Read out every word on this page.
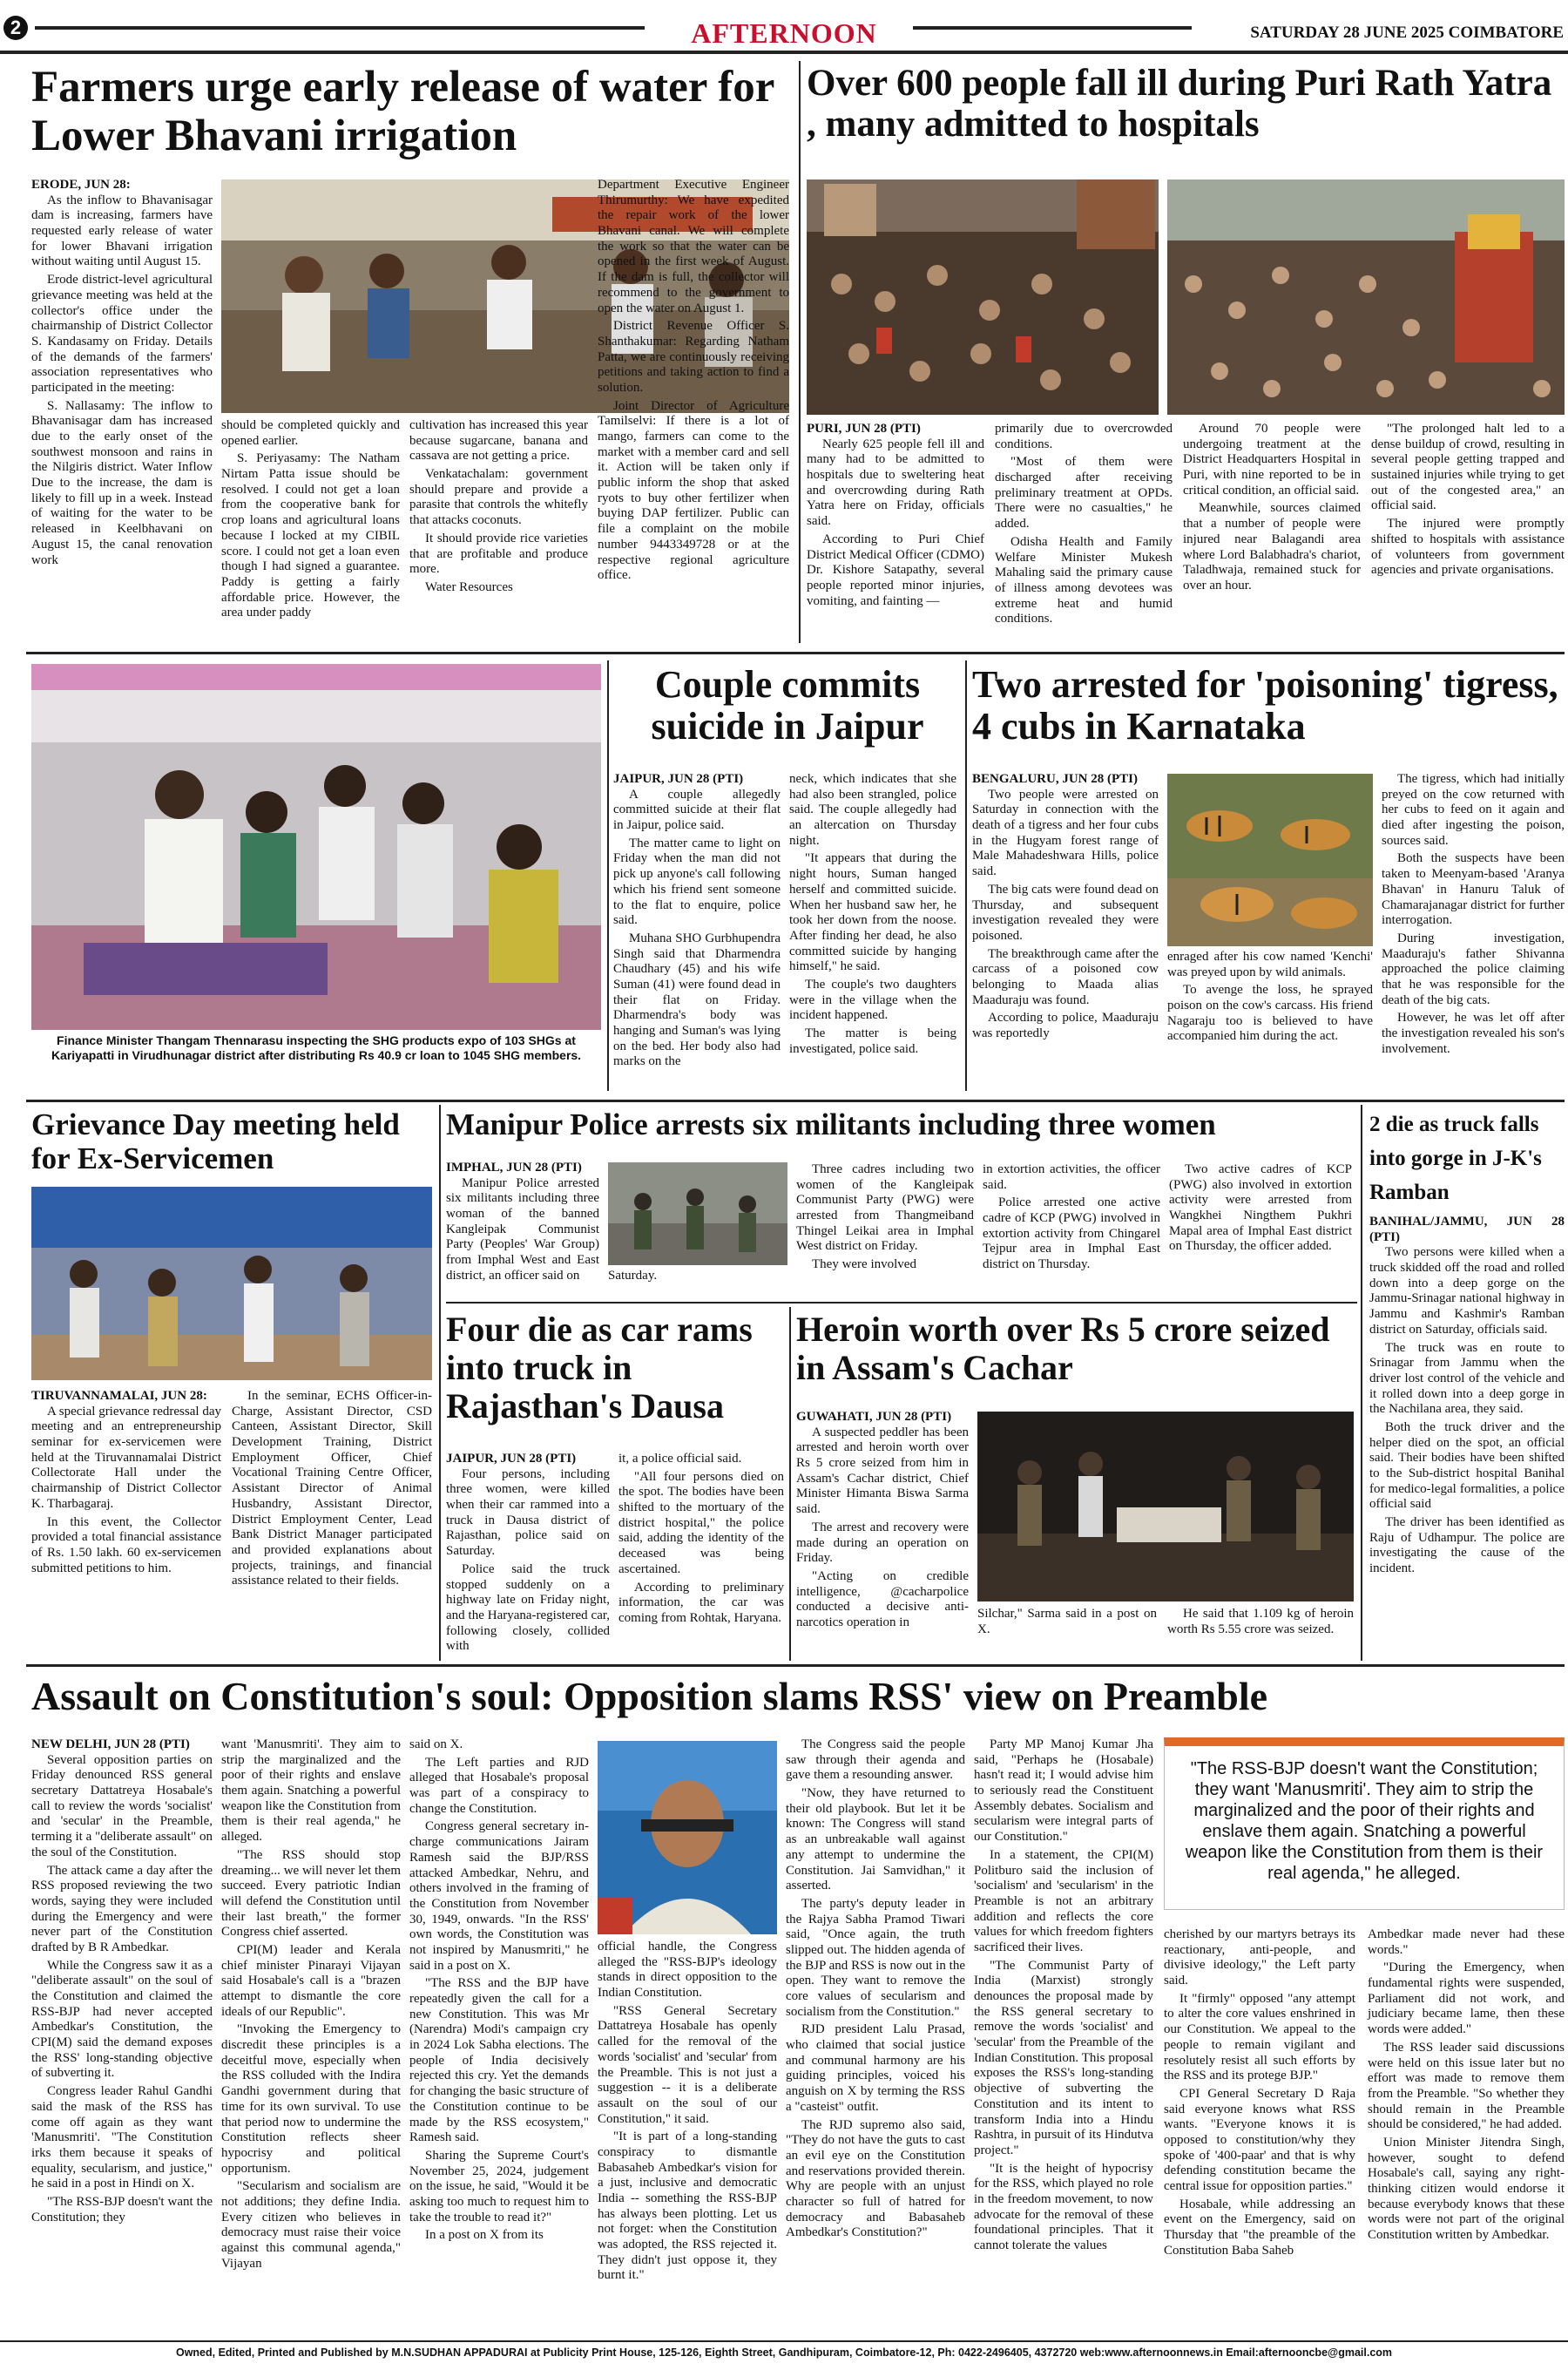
2	AFTERNOON	SATURDAY 28 JUNE 2025 COIMBATORE
Farmers urge early release of water for Lower Bhavani irrigation
ERODE, JUN 28:

As the inflow to Bhavanisagar dam is increasing, farmers have requested early release of water for lower Bhavani irrigation without waiting until August 15.

Erode district-level agricultural grievance meeting was held at the collector's office under the chairmanship of District Collector S. Kandasamy on Friday. Details of the demands of the farmers' association representatives who participated in the meeting:

S. Nallasamy: The inflow to Bhavanisagar dam has increased due to the early onset of the southwest monsoon and rains in the Nilgiris district. Water Inflow Due to the increase, the dam is likely to fill up in a week. Instead of waiting for the water to be released in Keelbhavani on August 15, the canal renovation work

should be completed quickly and opened earlier.

S. Periyasamy: The Natham Nirtam Patta issue should be resolved. I could not get a loan from the cooperative bank for crop loans and agricultural loans because I locked at my CIBIL score. I could not get a loan even though I had signed a guarantee. Paddy is getting a fairly affordable price. However, the area under paddy

cultivation has increased this year because sugarcane, banana and cassava are not getting a price.

Venkatachalam: government should prepare and provide a parasite that controls the whitefly that attacks coconuts.

It should provide rice varieties that are profitable and produce more.

Water Resources

Department Executive Engineer Thirumurthy: We have expedited the repair work of the lower Bhavani canal. We will complete the work so that the water can be opened in the first week of August. If the dam is full, the collector will recommend to the government to open the water on August 1.

District Revenue Officer S. Shanthakumar: Regarding Natham Patta, we are continuously receiving petitions and taking action to find a solution.

Joint Director of Agriculture Tamilselvi: If there is a lot of mango, farmers can come to the market with a member card and sell it. Action will be taken only if public inform the shop that asked ryots to buy other fertilizer when buying DAP fertilizer. Public can file a complaint on the mobile number 9443349728 or at the respective regional agriculture office.

Over 600 people fall ill during Puri Rath Yatra , many admitted to hospitals
PURI, JUN 28 (PTI)

Nearly 625 people fell ill and many had to be admitted to hospitals due to sweltering heat and overcrowding during Rath Yatra here on Friday, officials said.

According to Puri Chief District Medical Officer (CDMO) Dr. Kishore Satapathy, several people reported minor injuries, vomiting, and fainting —

primarily due to overcrowded conditions.

"Most of them were discharged after receiving preliminary treatment at OPDs. There were no casualties," he added.

Odisha Health and Family Welfare Minister Mukesh Mahaling said the primary cause of illness among devotees was extreme heat and humid conditions.

Around 70 people were undergoing treatment at the District Headquarters Hospital in Puri, with nine reported to be in critical condition, an official said.

Meanwhile, sources claimed that a number of people were injured near Balagandi area where Lord Balabhadra's chariot, Taladhwaja, remained stuck for over an hour.

"The prolonged halt led to a dense buildup of crowd, resulting in several people getting trapped and sustained injuries while trying to get out of the congested area," an official said.

The injured were promptly shifted to hospitals with assistance of volunteers from government agencies and private organisations.

Finance Minister Thangam Thennarasu inspecting the SHG products expo of 103 SHGs at Kariyapatti in Virudhunagar district after distributing Rs 40.9 cr loan to 1045 SHG members.
Couple commits suicide in Jaipur
JAIPUR, JUN 28 (PTI)

A couple allegedly committed suicide at their flat in Jaipur, police said.

The matter came to light on Friday when the man did not pick up anyone's call following which his friend sent someone to the flat to enquire, police said.

Muhana SHO Gurbhupendra Singh said that Dharmendra Chaudhary (45) and his wife Suman (41) were found dead in their flat on Friday. Dharmendra's body was hanging and Suman's was lying on the bed. Her body also had marks on the

neck, which indicates that she had also been strangled, police said. The couple allegedly had an altercation on Thursday night.

"It appears that during the night hours, Suman hanged herself and committed suicide. When her husband saw her, he took her down from the noose. After finding her dead, he also committed suicide by hanging himself," he said.

The couple's two daughters were in the village when the incident happened.

The matter is being investigated, police said.

Two arrested for 'poisoning' tigress, 4 cubs in Karnataka
BENGALURU, JUN 28 (PTI)

Two people were arrested on Saturday in connection with the death of a tigress and her four cubs in the Hugyam forest range of Male Mahadeshwara Hills, police said.

The big cats were found dead on Thursday, and subsequent investigation revealed they were poisoned.

The breakthrough came after the carcass of a poisoned cow belonging to Maada alias Maaduraju was found.

According to police, Maaduraju was reportedly

enraged after his cow named 'Kenchi' was preyed upon by wild animals.

To avenge the loss, he sprayed poison on the cow's carcass. His friend Nagaraju too is believed to have accompanied him during the act.

The tigress, which had initially preyed on the cow returned with her cubs to feed on it again and died after ingesting the poison, sources said.

Both the suspects have been taken to Meenyam-based 'Aranya Bhavan' in Hanuru Taluk of Chamarajanagar district for further interrogation.

During investigation, Maaduraju's father Shivanna approached the police claiming that he was responsible for the death of the big cats.

However, he was let off after the investigation revealed his son's involvement.

Grievance Day meeting held for Ex-Servicemen
TIRUVANNAMALAI, JUN 28:

A special grievance redressal day meeting and an entrepreneurship seminar for ex-servicemen were held at the Tiruvannamalai District Collectorate Hall under the chairmanship of District Collector K. Tharbagaraj.

In this event, the Collector provided a total financial assistance of Rs. 1.50 lakh. 60 ex-servicemen submitted petitions to him.

In the seminar, ECHS Officer-in-Charge, Assistant Director, CSD Canteen, Assistant Director, Skill Development Training, District Employment Officer, Chief Vocational Training Centre Officer, Assistant Director of Animal Husbandry, Assistant Director, District Employment Center, Lead Bank District Manager participated and provided explanations about projects, trainings, and financial assistance related to their fields.

Manipur Police arrests six militants including three women
IMPHAL, JUN 28 (PTI)

Manipur Police arrested six militants including three woman of the banned Kangleipak Communist Party (Peoples' War Group) from Imphal West and East district, an officer said on	Saturday.

Three cadres including two women of the Kangleipak Communist Party (PWG) were arrested from Thangmeiband Thingel Leikai area in Imphal West district on Friday.

They were involved

in extortion activities, the officer said.

Police arrested one active cadre of KCP (PWG) involved in extortion activity from Chingarel Tejpur area in Imphal East district on Thursday.

Two active cadres of KCP (PWG) also involved in extortion activity were arrested from Wangkhei Ningthem Pukhri Mapal area of Imphal East district on Thursday, the officer added.

2 die as truck falls into gorge in J-K's Ramban
BANIHAL/JAMMU, JUN 28 (PTI)

Two persons were killed when a truck skidded off the road and rolled down into a deep gorge on the Jammu-Srinagar national highway in Jammu and Kashmir's Ramban district on Saturday, officials said.

The truck was en route to Srinagar from Jammu when the driver lost control of the vehicle and it rolled down into a deep gorge in the Nachilana area, they said.

Both the truck driver and the helper died on the spot, an official said. Their bodies have been shifted to the Sub-district hospital Banihal for medico-legal formalities, a police official said

The driver has been identified as Raju of Udhampur. The police are investigating the cause of the incident.

Four die as car rams into truck in Rajasthan's Dausa
JAIPUR, JUN 28 (PTI)

Four persons, including three women, were killed when their car rammed into a truck in Dausa district of Rajasthan, police said on Saturday.

Police said the truck stopped suddenly on a highway late on Friday night, and the Haryana-registered car, following closely, collided with

it, a police official said.

"All four persons died on the spot. The bodies have been shifted to the mortuary of the district hospital," the police said, adding the identity of the deceased was being ascertained.

According to preliminary information, the car was coming from Rohtak, Haryana.

Heroin worth over Rs 5 crore seized in Assam's Cachar
GUWAHATI, JUN 28 (PTI)

A suspected peddler has been arrested and heroin worth over Rs 5 crore seized from him in Assam's Cachar district, Chief Minister Himanta Biswa Sarma said.

The arrest and recovery were made during an operation on Friday.

"Acting on credible intelligence, @cacharpolice conducted a decisive anti-narcotics operation in

Silchar," Sarma said in a post on X.

He said that 1.109 kg of heroin worth Rs 5.55 crore was seized.

Assault on Constitution's soul: Opposition slams RSS' view on Preamble
NEW DELHI, JUN 28 (PTI)

Several opposition parties on Friday denounced RSS general secretary Dattatreya Hosabale's call to review the words 'socialist' and 'secular' in the Preamble, terming it a "deliberate assault" on the soul of the Constitution.

The attack came a day after the RSS proposed reviewing the two words, saying they were included during the Emergency and were never part of the Constitution drafted by B R Ambedkar.

While the Congress saw it as a "deliberate assault" on the soul of the Constitution and claimed the RSS-BJP had never accepted Ambedkar's Constitution, the CPI(M) said the demand exposes the RSS' long-standing objective of subverting it.

Congress leader Rahul Gandhi said the mask of the RSS has come off again as they want 'Manusmriti'. "The Constitution irks them because it speaks of equality, secularism, and justice," he said in a post in Hindi on X.

"The RSS-BJP doesn't want the Constitution; they

want 'Manusmriti'. They aim to strip the marginalized and the poor of their rights and enslave them again. Snatching a powerful weapon like the Constitution from them is their real agenda," he alleged.

"The RSS should stop dreaming... we will never let them succeed. Every patriotic Indian will defend the Constitution until their last breath," the former Congress chief asserted.

CPI(M) leader and Kerala chief minister Pinarayi Vijayan said Hosabale's call is a "brazen attempt to dismantle the core ideals of our Republic".

"Invoking the Emergency to discredit these principles is a deceitful move, especially when the RSS colluded with the Indira Gandhi government during that time for its own survival. To use that period now to undermine the Constitution reflects sheer hypocrisy and political opportunism.

"Secularism and socialism are not additions; they define India. Every citizen who believes in democracy must raise their voice against this communal agenda," Vijayan

said on X.

The Left parties and RJD alleged that Hosabale's proposal was part of a conspiracy to change the Constitution.

Congress general secretary in-charge communications Jairam Ramesh said the BJP/RSS attacked Ambedkar, Nehru, and others involved in the framing of the Constitution from November 30, 1949, onwards. "In the RSS' own words, the Constitution was not inspired by Manusmriti," he said in a post on X.

"The RSS and the BJP have repeatedly given the call for a new Constitution. This was Mr (Narendra) Modi's campaign cry in 2024 Lok Sabha elections. The people of India decisively rejected this cry. Yet the demands for changing the basic structure of the Constitution continue to be made by the RSS ecosystem," Ramesh said.

Sharing the Supreme Court's November 25, 2024, judgement on the issue, he said, "Would it be asking too much to request him to take the trouble to read it?"

In a post on X from its

official handle, the Congress alleged the "RSS-BJP's ideology stands in direct opposition to the Indian Constitution.

"RSS General Secretary Dattatreya Hosabale has openly called for the removal of the words 'socialist' and 'secular' from the Preamble. This is not just a suggestion -- it is a deliberate assault on the soul of our Constitution," it said.

"It is part of a long-standing conspiracy to dismantle Babasaheb Ambedkar's vision for a just, inclusive and democratic India -- something the RSS-BJP has always been plotting. Let us not forget: when the Constitution was adopted, the RSS rejected it. They didn't just oppose it, they burnt it."

The Congress said the people saw through their agenda and gave them a resounding answer.

"Now, they have returned to their old playbook. But let it be known: The Congress will stand as an unbreakable wall against any attempt to undermine the Constitution. Jai Samvidhan," it asserted.

The party's deputy leader in the Rajya Sabha Pramod Tiwari said, "Once again, the truth slipped out. The hidden agenda of the BJP and RSS is now out in the open. They want to remove the core values of secularism and socialism from the Constitution."

RJD president Lalu Prasad, who claimed that social justice and communal harmony are his guiding principles, voiced his anguish on X by terming the RSS a "casteist" outfit.

The RJD supremo also said, "They do not have the guts to cast an evil eye on the Constitution and reservations provided therein. Why are people with an unjust character so full of hatred for democracy and Babasaheb Ambedkar's Constitution?"

Party MP Manoj Kumar Jha said, "Perhaps he (Hosabale) hasn't read it; I would advise him to seriously read the Constituent Assembly debates. Socialism and secularism were integral parts of our Constitution."

In a statement, the CPI(M) Politburo said the inclusion of 'socialism' and 'secularism' in the Preamble is not an arbitrary addition and reflects the core values for which freedom fighters sacrificed their lives.

"The Communist Party of India (Marxist) strongly denounces the proposal made by the RSS general secretary to remove the words 'socialist' and 'secular' from the Preamble of the Indian Constitution. This proposal exposes the RSS's long-standing objective of subverting the Constitution and its intent to transform India into a Hindu Rashtra, in pursuit of its Hindutva project."

"It is the height of hypocrisy for the RSS, which played no role in the freedom movement, to now advocate for the removal of these foundational principles. That it cannot tolerate the values

"The RSS-BJP doesn't want the Constitution; they want 'Manusmriti'. They aim to strip the marginalized and the poor of their rights and enslave them again. Snatching a powerful weapon like the Constitution from them is their real agenda," he alleged.

cherished by our martyrs betrays its reactionary, anti-people, and divisive ideology," the Left party said.

It "firmly" opposed "any attempt to alter the core values enshrined in our Constitution. We appeal to the people to remain vigilant and resolutely resist all such efforts by the RSS and its protege BJP."

CPI General Secretary D Raja said everyone knows what RSS wants. "Everyone knows it is opposed to constitution/why they spoke of '400-paar' and that is why defending constitution became the central issue for opposition parties."

Hosabale, while addressing an event on the Emergency, said on Thursday that "the preamble of the Constitution Baba Saheb

Ambedkar made never had these words."

"During the Emergency, when fundamental rights were suspended, Parliament did not work, and judiciary became lame, then these words were added."

The RSS leader said discussions were held on this issue later but no effort was made to remove them from the Preamble. "So whether they should remain in the Preamble should be considered," he had added.

Union Minister Jitendra Singh, however, sought to defend Hosabale's call, saying any right-thinking citizen would endorse it because everybody knows that these words were not part of the original Constitution written by Ambedkar.

Owned, Edited, Printed and Published by M.N.SUDHAN APPADURAI at Publicity Print House, 125-126, Eighth Street, Gandhipuram, Coimbatore-12, Ph: 0422-2496405, 4372720 web:www.afternoonnews.in Email:afternooncbe@gmail.com
